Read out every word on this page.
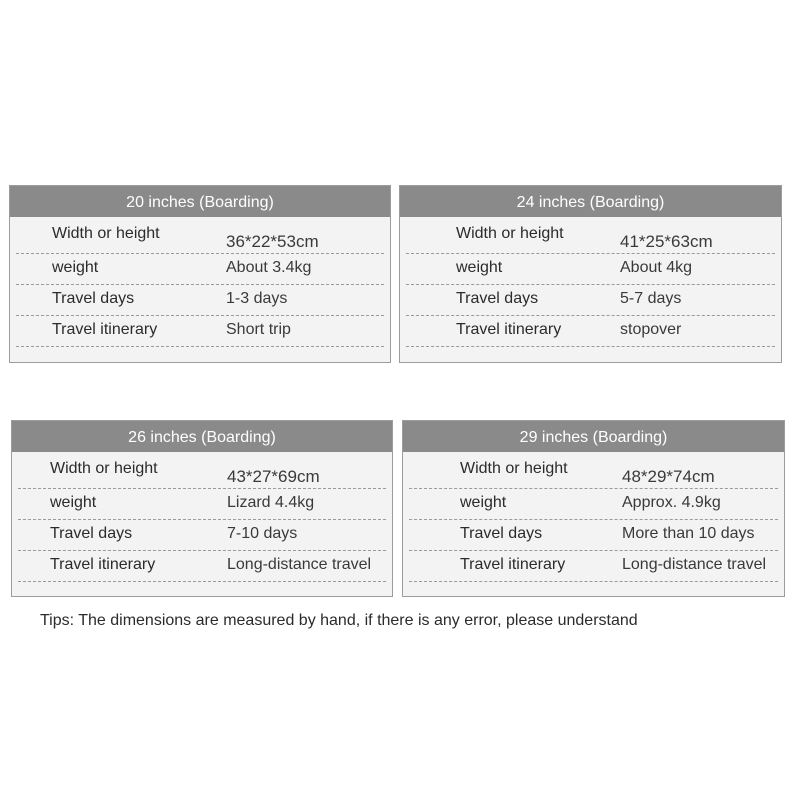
20 inches (Boarding)
Width or height	36*22*53cm
weight	About 3.4kg
Travel days	1-3 days
Travel itinerary	Short trip
24 inches (Boarding)
Width or height	41*25*63cm
weight	About 4kg
Travel days	5-7 days
Travel itinerary	stopover
26 inches (Boarding)
Width or height	43*27*69cm
weight	Lizard 4.4kg
Travel days	7-10 days
Travel itinerary	Long-distance travel
29 inches (Boarding)
Width or height	48*29*74cm
weight	Approx. 4.9kg
Travel days	More than 10 days
Travel itinerary	Long-distance travel
Tips: The dimensions are measured by hand, if there is any error, please understand
